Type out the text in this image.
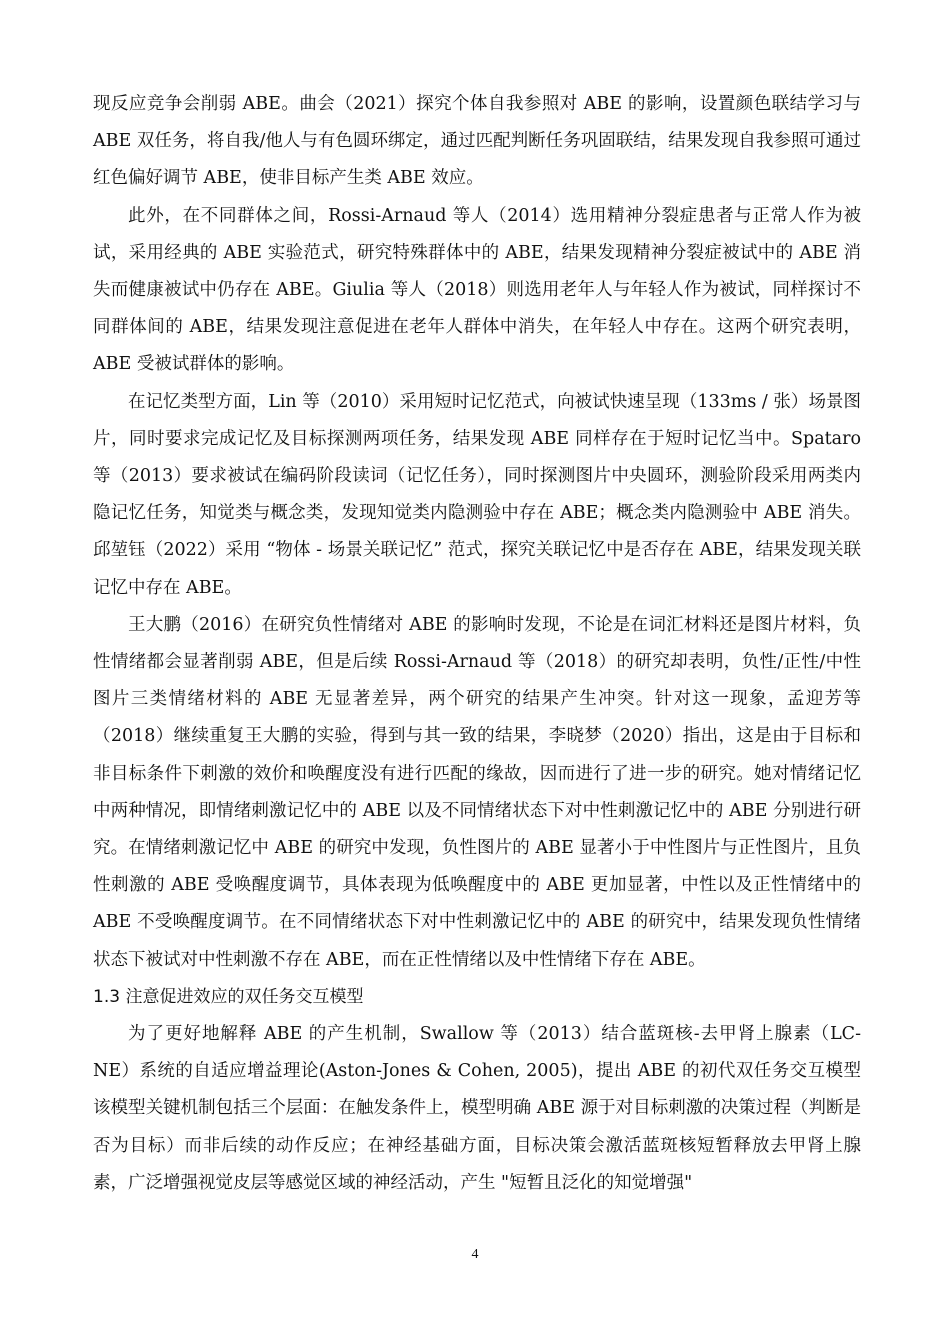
现反应竞争会削弱 ABE。曲会（2021）探究个体自我参照对 ABE 的影响，设置颜色联结学习与 ABE 双任务，将自我/他人与有色圆环绑定，通过匹配判断任务巩固联结，结果发现自我参照可通过红色偏好调节 ABE，使非目标产生类 ABE 效应。

此外，在不同群体之间，Rossi-Arnaud 等人（2014）选用精神分裂症患者与正常人作为被试，采用经典的 ABE 实验范式，研究特殊群体中的 ABE，结果发现精神分裂症被试中的 ABE 消失而健康被试中仍存在 ABE。Giulia 等人（2018）则选用老年人与年轻人作为被试，同样探讨不同群体间的 ABE，结果发现注意促进在老年人群体中消失，在年轻人中存在。这两个研究表明，ABE 受被试群体的影响。

在记忆类型方面，Lin 等（2010）采用短时记忆范式，向被试快速呈现（133ms / 张）场景图片，同时要求完成记忆及目标探测两项任务，结果发现 ABE 同样存在于短时记忆当中。Spataro 等（2013）要求被试在编码阶段读词（记忆任务），同时探测图片中央圆环，测验阶段采用两类内隐记忆任务，知觉类与概念类，发现知觉类内隐测验中存在 ABE；概念类内隐测验中 ABE 消失。邱堃钰（2022）采用 “物体 - 场景关联记忆” 范式，探究关联记忆中是否存在 ABE，结果发现关联记忆中存在 ABE。

王大鹏（2016）在研究负性情绪对 ABE 的影响时发现，不论是在词汇材料还是图片材料，负性情绪都会显著削弱 ABE，但是后续 Rossi-Arnaud 等（2018）的研究却表明，负性/正性/中性图片三类情绪材料的 ABE 无显著差异，两个研究的结果产生冲突。针对这一现象，孟迎芳等（2018）继续重复王大鹏的实验，得到与其一致的结果，李晓梦（2020）指出，这是由于目标和非目标条件下刺激的效价和唤醒度没有进行匹配的缘故，因而进行了进一步的研究。她对情绪记忆中两种情况，即情绪刺激记忆中的 ABE 以及不同情绪状态下对中性刺激记忆中的 ABE 分别进行研究。在情绪刺激记忆中 ABE 的研究中发现，负性图片的 ABE 显著小于中性图片与正性图片，且负性刺激的 ABE 受唤醒度调节，具体表现为低唤醒度中的 ABE 更加显著，中性以及正性情绪中的 ABE 不受唤醒度调节。在不同情绪状态下对中性刺激记忆中的 ABE 的研究中，结果发现负性情绪状态下被试对中性刺激不存在 ABE，而在正性情绪以及中性情绪下存在 ABE。

1.3 注意促进效应的双任务交互模型

为了更好地解释 ABE 的产生机制，Swallow 等（2013）结合蓝斑核-去甲肾上腺素（LC-NE）系统的自适应增益理论(Aston-Jones & Cohen, 2005)，提出 ABE 的初代双任务交互模型该模型关键机制包括三个层面：在触发条件上，模型明确 ABE 源于对目标刺激的决策过程（判断是否为目标）而非后续的动作反应；在神经基础方面，目标决策会激活蓝斑核短暂释放去甲肾上腺素，广泛增强视觉皮层等感觉区域的神经活动，产生 "短暂且泛化的知觉增强"

4
